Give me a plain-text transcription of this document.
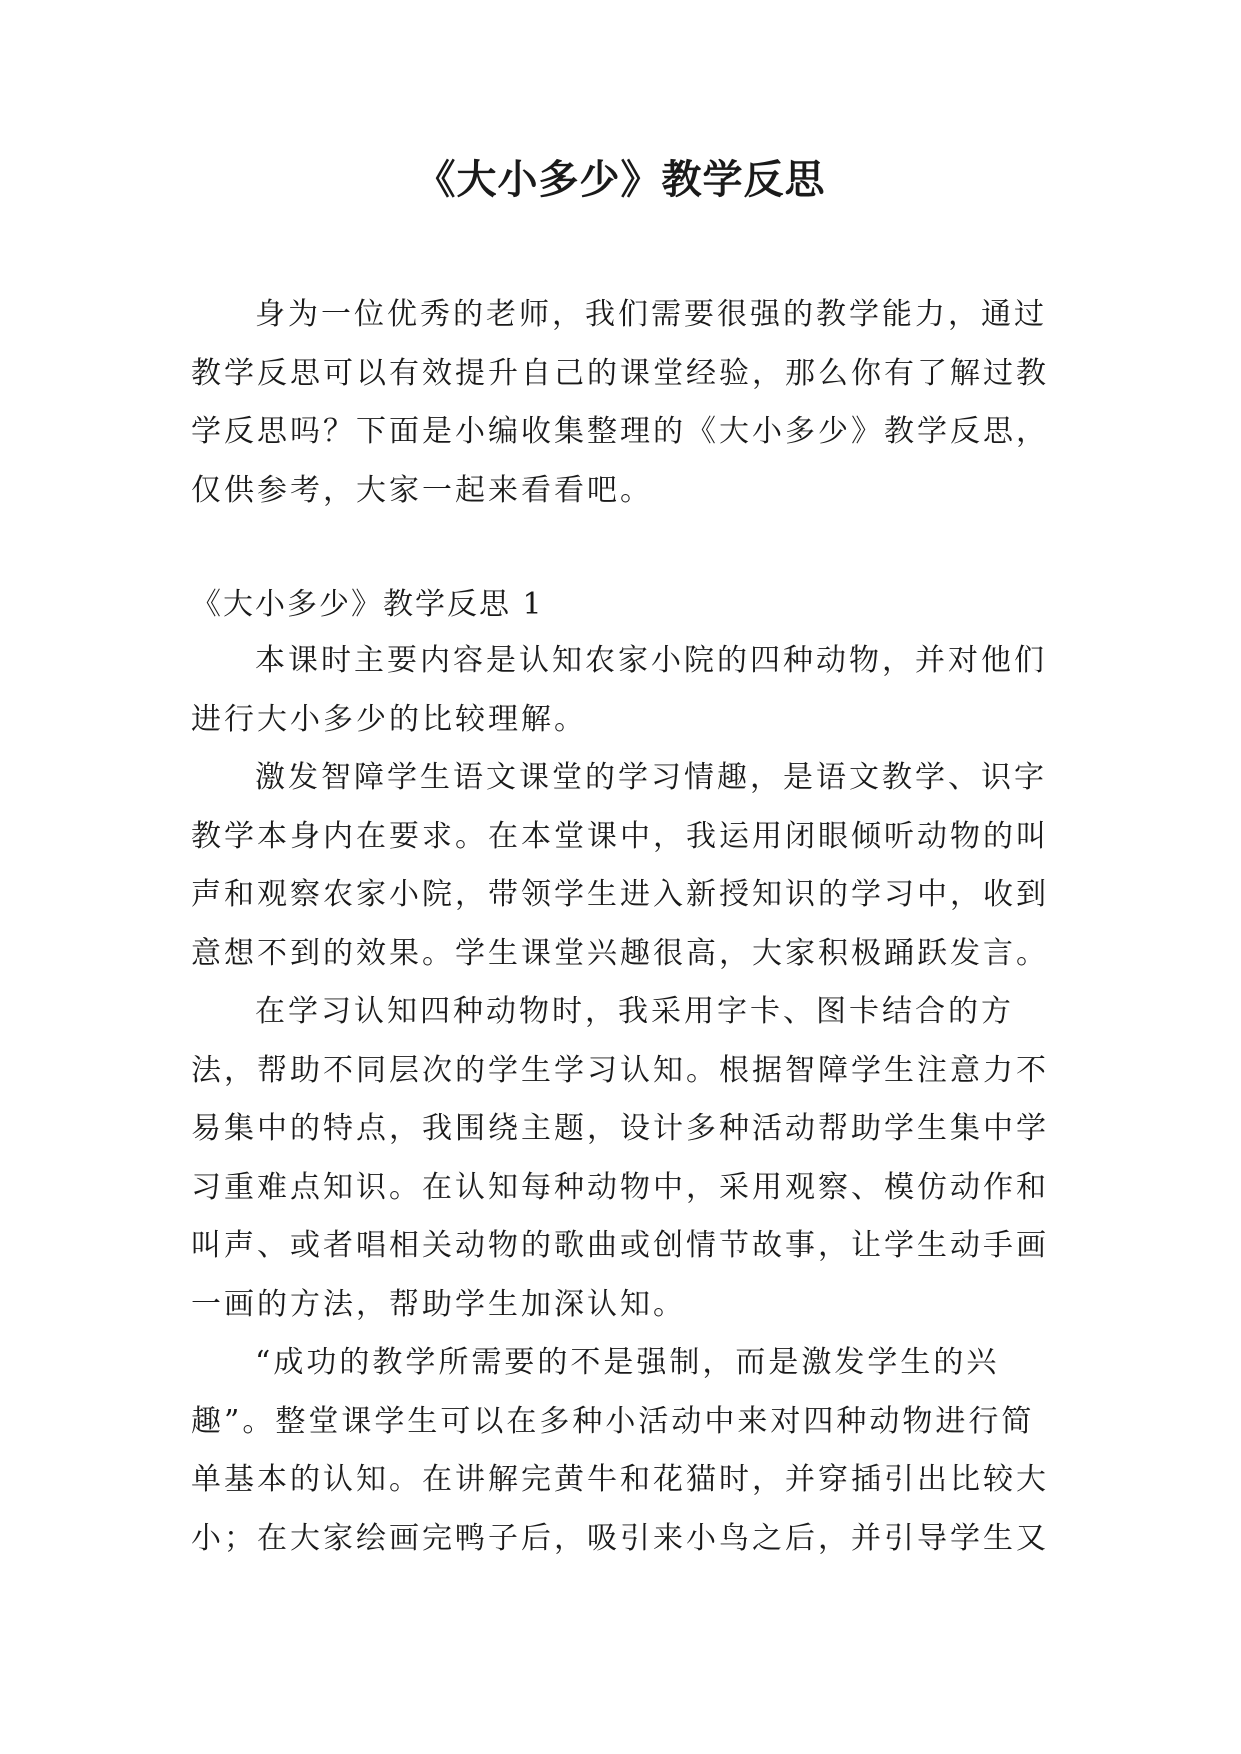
《大小多少》教学反思

身为一位优秀的老师，我们需要很强的教学能力，通过教学反思可以有效提升自己的课堂经验，那么你有了解过教学反思吗？下面是小编收集整理的《大小多少》教学反思，仅供参考，大家一起来看看吧。

《大小多少》教学反思 1

本课时主要内容是认知农家小院的四种动物，并对他们进行大小多少的比较理解。

激发智障学生语文课堂的学习情趣，是语文教学、识字教学本身内在要求。在本堂课中，我运用闭眼倾听动物的叫声和观察农家小院，带领学生进入新授知识的学习中，收到意想不到的效果。学生课堂兴趣很高，大家积极踊跃发言。

在学习认知四种动物时，我采用字卡、图卡结合的方法，帮助不同层次的学生学习认知。根据智障学生注意力不易集中的特点，我围绕主题，设计多种活动帮助学生集中学习重难点知识。在认知每种动物中，采用观察、模仿动作和叫声、或者唱相关动物的歌曲或创情节故事，让学生动手画一画的方法，帮助学生加深认知。

“成功的教学所需要的不是强制，而是激发学生的兴趣”。整堂课学生可以在多种小活动中来对四种动物进行简单基本的认知。在讲解完黄牛和花猫时，并穿插引出比较大小；在大家绘画完鸭子后，吸引来小鸟之后，并引导学生又
